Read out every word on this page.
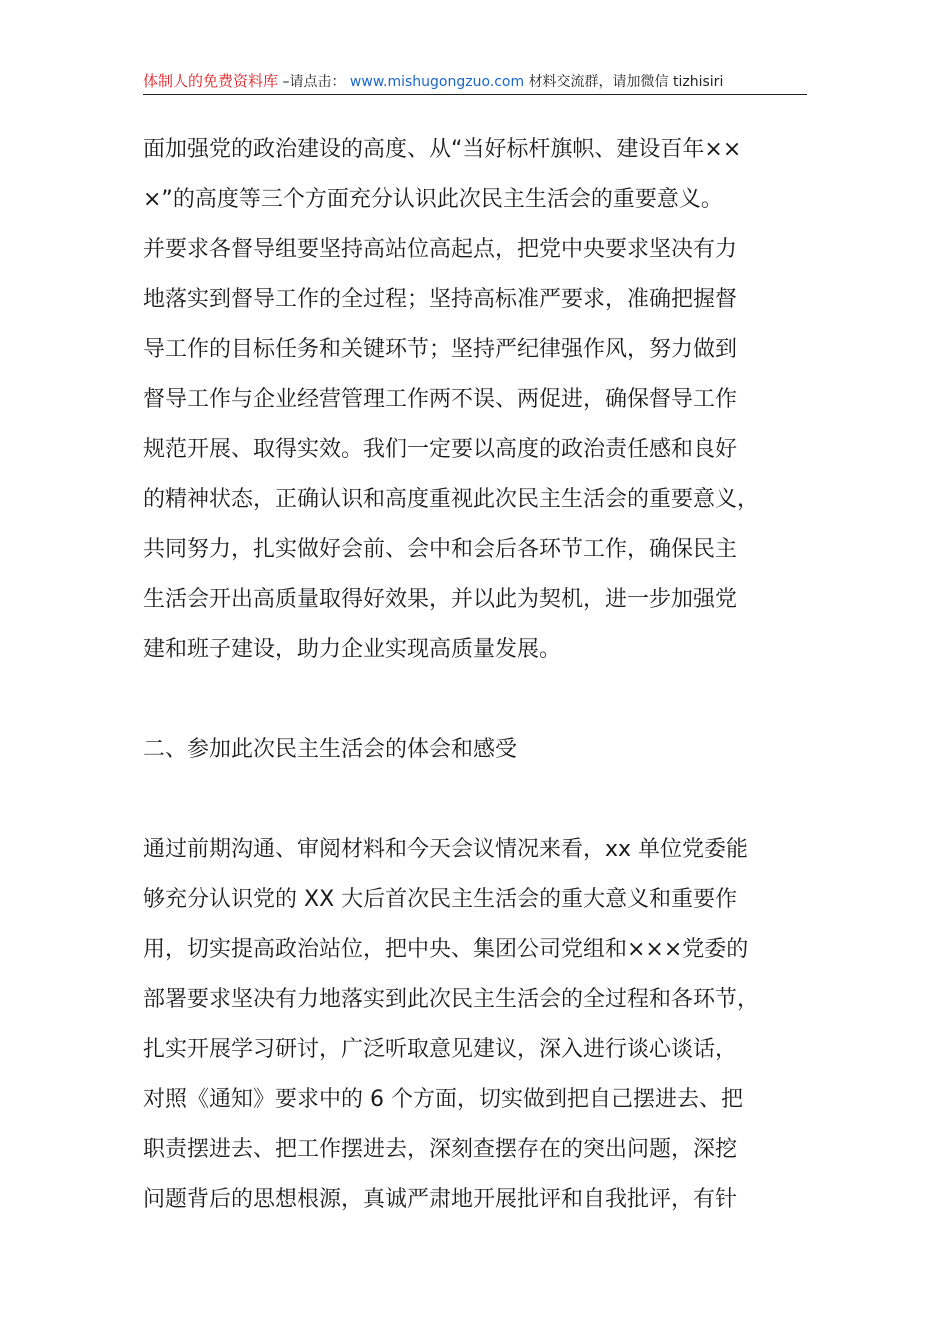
体制人的免费资料库 –请点击： www.mishugongzuo.com 材料交流群，请加微信 tizhisiri
面加强党的政治建设的高度、从“当好标杆旗帜、建设百年××
×”的高度等三个方面充分认识此次民主生活会的重要意义。
并要求各督导组要坚持高站位高起点，把党中央要求坚决有力
地落实到督导工作的全过程；坚持高标准严要求，准确把握督
导工作的目标任务和关键环节；坚持严纪律强作风，努力做到
督导工作与企业经营管理工作两不误、两促进，确保督导工作
规范开展、取得实效。我们一定要以高度的政治责任感和良好
的精神状态，正确认识和高度重视此次民主生活会的重要意义，
共同努力，扎实做好会前、会中和会后各环节工作，确保民主
生活会开出高质量取得好效果，并以此为契机，进一步加强党
建和班子建设，助力企业实现高质量发展。
二、参加此次民主生活会的体会和感受
通过前期沟通、审阅材料和今天会议情况来看，xx 单位党委能
够充分认识党的 XX 大后首次民主生活会的重大意义和重要作
用，切实提高政治站位，把中央、集团公司党组和×××党委的
部署要求坚决有力地落实到此次民主生活会的全过程和各环节，
扎实开展学习研讨，广泛听取意见建议，深入进行谈心谈话，
对照《通知》要求中的 6 个方面，切实做到把自己摆进去、把
职责摆进去、把工作摆进去，深刻查摆存在的突出问题，深挖
问题背后的思想根源，真诚严肃地开展批评和自我批评，有针
